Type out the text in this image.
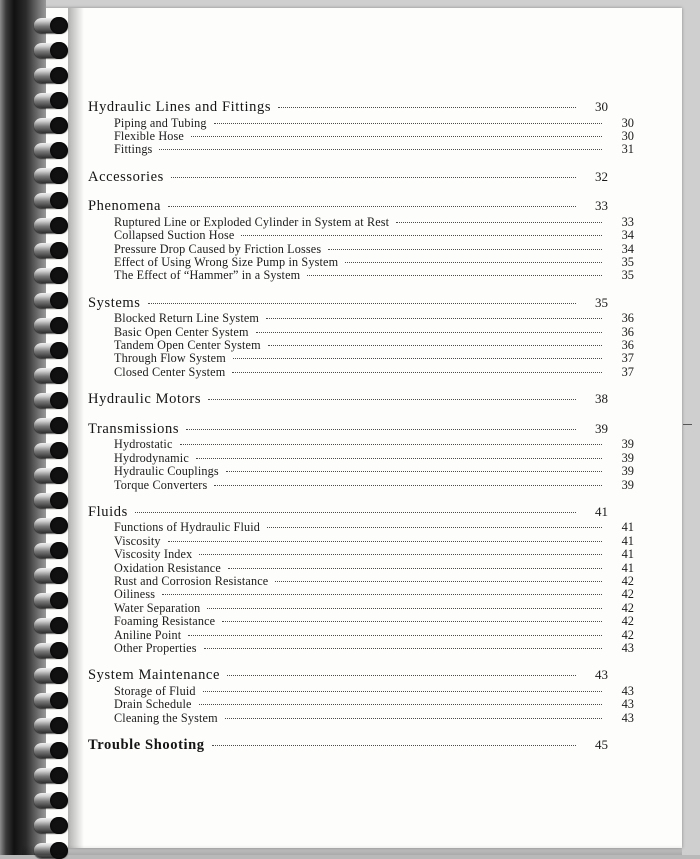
Hydraulic Lines and Fittings	30
Piping and Tubing	30
Flexible Hose	30
Fittings	31
Accessories	32
Phenomena	33
Ruptured Line or Exploded Cylinder in System at Rest	33
Collapsed Suction Hose	34
Pressure Drop Caused by Friction Losses	34
Effect of Using Wrong Size Pump in System	35
The Effect of “Hammer” in a System	35
Systems	35
Blocked Return Line System	36
Basic Open Center System	36
Tandem Open Center System	36
Through Flow System	37
Closed Center System	37
Hydraulic Motors	38
Transmissions	39
Hydrostatic	39
Hydrodynamic	39
Hydraulic Couplings	39
Torque Converters	39
Fluids	41
Functions of Hydraulic Fluid	41
Viscosity	41
Viscosity Index	41
Oxidation Resistance	41
Rust and Corrosion Resistance	42
Oiliness	42
Water Separation	42
Foaming Resistance	42
Aniline Point	42
Other Properties	43
System Maintenance	43
Storage of Fluid	43
Drain Schedule	43
Cleaning the System	43
Trouble Shooting	45
